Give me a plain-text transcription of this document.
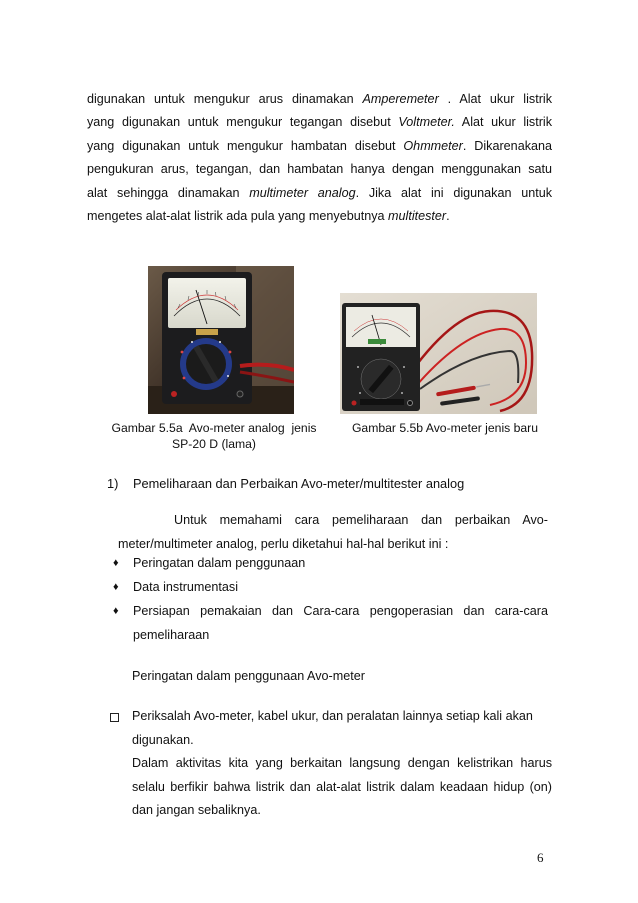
digunakan untuk mengukur arus dinamakan Amperemeter . Alat ukur listrik
yang digunakan untuk mengukur tegangan disebut Voltmeter. Alat ukur listrik
yang digunakan untuk mengukur hambatan disebut Ohmmeter. Dikarenakana
pengukuran arus, tegangan, dan hambatan hanya dengan menggunakan satu
alat sehingga dinamakan multimeter analog. Jika alat ini digunakan untuk
mengetes alat-alat listrik ada pula yang menyebutnya multitester.
Gambar 5.5a  Avo-meter analog  jenis
SP-20 D (lama)
Gambar 5.5b Avo-meter jenis baru
1) Pemeliharaan dan Perbaikan Avo-meter/multitester analog
Untuk   memahami   cara   pemeliharaan   dan   perbaikan   Avo-
meter/multimeter analog, perlu diketahui hal-hal berikut ini :
♦	Peringatan dalam penggunaan
♦	Data instrumentasi
♦	Persiapan  pemakaian  dan  Cara-cara  pengoperasian  dan  cara-cara
pemeliharaan
Peringatan dalam penggunaan Avo-meter
Periksalah Avo-meter, kabel ukur, dan peralatan lainnya setiap kali akan
digunakan.
Dalam aktivitas kita yang berkaitan langsung dengan kelistrikan harus
selalu berfikir bahwa listrik dan alat-alat listrik dalam keadaan hidup (on)
dan jangan sebaliknya.
6
